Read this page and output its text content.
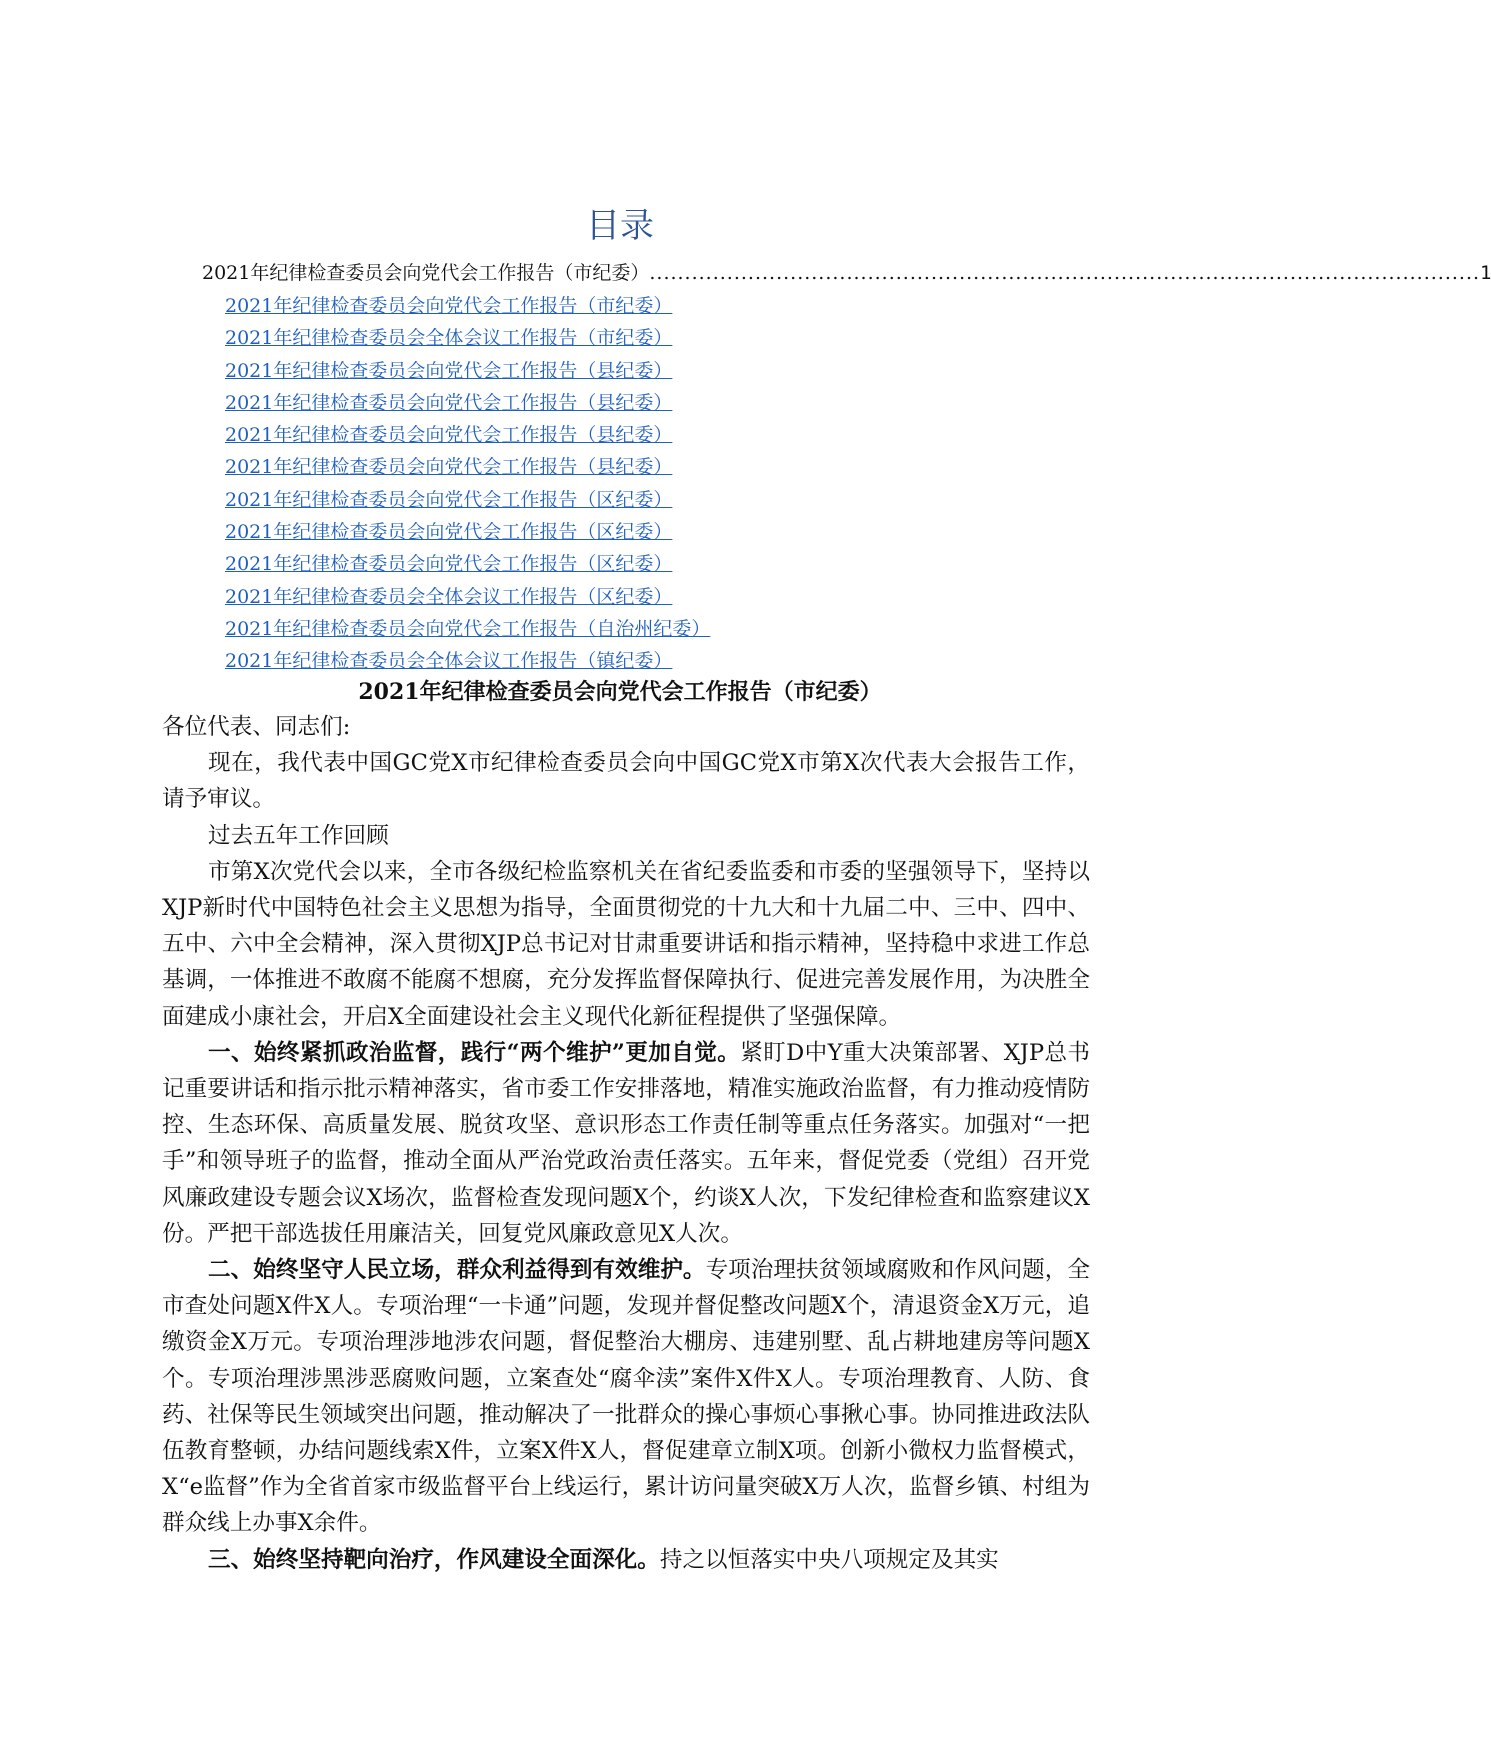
目录
2021年纪律检查委员会向党代会工作报告（市纪委） ...................................................................................................................... 1
2021年纪律检查委员会向党代会工作报告（市纪委）
2021年纪律检查委员会全体会议工作报告（市纪委）
2021年纪律检查委员会向党代会工作报告（县纪委）
2021年纪律检查委员会向党代会工作报告（县纪委）
2021年纪律检查委员会向党代会工作报告（县纪委）
2021年纪律检查委员会向党代会工作报告（县纪委）
2021年纪律检查委员会向党代会工作报告（区纪委）
2021年纪律检查委员会向党代会工作报告（区纪委）
2021年纪律检查委员会向党代会工作报告（区纪委）
2021年纪律检查委员会全体会议工作报告（区纪委）
2021年纪律检查委员会向党代会工作报告（自治州纪委）
2021年纪律检查委员会全体会议工作报告（镇纪委）
2021年纪律检查委员会向党代会工作报告（市纪委）

各位代表、同志们:

现在，我代表中国GC党X市纪律检查委员会向中国GC党X市第X次代表大会报告工作，请予审议。

过去五年工作回顾

市第X次党代会以来，全市各级纪检监察机关在省纪委监委和市委的坚强领导下，坚持以XJP新时代中国特色社会主义思想为指导，全面贯彻党的十九大和十九届二中、三中、四中、五中、六中全会精神，深入贯彻XJP总书记对甘肃重要讲话和指示精神，坚持稳中求进工作总基调，一体推进不敢腐不能腐不想腐，充分发挥监督保障执行、促进完善发展作用，为决胜全面建成小康社会，开启X全面建设社会主义现代化新征程提供了坚强保障。

一、始终紧抓政治监督，践行“两个维护”更加自觉。紧盯D中Y重大决策部署、XJP总书记重要讲话和指示批示精神落实，省市委工作安排落地，精准实施政治监督，有力推动疫情防控、生态环保、高质量发展、脱贫攻坚、意识形态工作责任制等重点任务落实。加强对“一把手”和领导班子的监督，推动全面从严治党政治责任落实。五年来，督促党委（党组）召开党风廉政建设专题会议X场次，监督检查发现问题X个，约谈X人次，下发纪律检查和监察建议X份。严把干部选拔任用廉洁关，回复党风廉政意见X人次。

二、始终坚守人民立场，群众利益得到有效维护。专项治理扶贫领域腐败和作风问题，全市查处问题X件X人。专项治理“一卡通”问题，发现并督促整改问题X个，清退资金X万元，追缴资金X万元。专项治理涉地涉农问题，督促整治大棚房、违建别墅、乱占耕地建房等问题X个。专项治理涉黑涉恶腐败问题，立案查处“腐伞渎”案件X件X人。专项治理教育、人防、食药、社保等民生领域突出问题，推动解决了一批群众的操心事烦心事揪心事。协同推进政法队伍教育整顿，办结问题线索X件，立案X件X人，督促建章立制X项。创新小微权力监督模式，X“e监督”作为全省首家市级监督平台上线运行，累计访问量突破X万人次，监督乡镇、村组为群众线上办事X余件。

三、始终坚持靶向治疗，作风建设全面深化。持之以恒落实中央八项规定及其实
